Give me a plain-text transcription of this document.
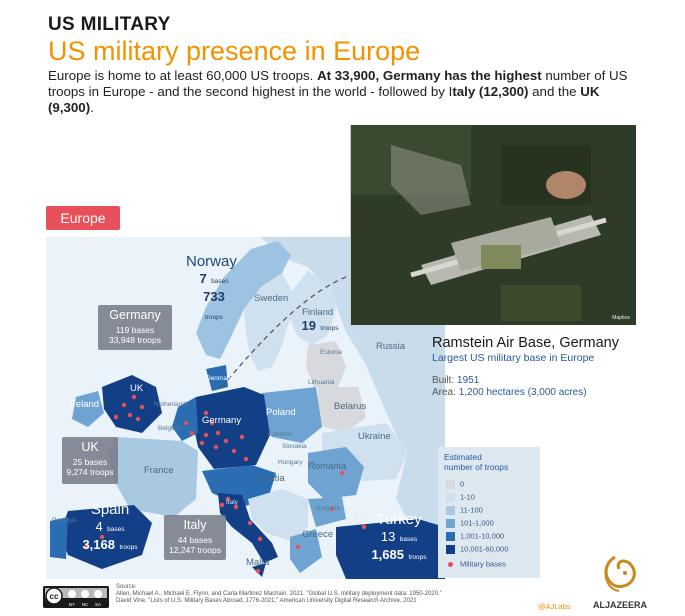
US MILITARY
US military presence in Europe
Europe is home to at least 60,000 US troops. At 33,900, Germany has the highest number of US troops in Europe - and the second highest in the world - followed by Italy (12,300) and the UK (9,300).
Europe
Norway
7 bases
733 troops
Sweden
Finland
19 troops
Russia
Estonia
Lithuania
Denmark
Belarus
Poland
Ukraine
UK
Ireland	Netherlands
Belgium
Germany
Czechia
Slovakia
Hungary Romania
France
Croatia
Bulgaria
Italy
Portugal
Greece
Malta
Germany
119 bases
33,948 troops
UK
25 bases
9,274 troops
Italy
44 bases
12,247 troops
Spain
4 bases
3,168 troops
Turkey
13 bases
1,685 troops
Mapbox
Ramstein Air Base, Germany
Largest US military base in Europe
Built: 1951
Area: 1,200 hectares (3,000 acres)
Estimated
number of troops
0
1-10
11-100
101-1,000
1,001-10,000
10,001-60,000
Military bases
cc
BY NC SA
Source:
Allen, Michael A., Michael E. Flynn, and Carla Martinez Machain. 2021. "Global U.S. military deployment data: 1950-2020."
David Vine, "Lists of U.S. Military Bases Abroad, 1776-2021," American University Digital Research Archive, 2021	ALJAZEERA
@AJLabs
